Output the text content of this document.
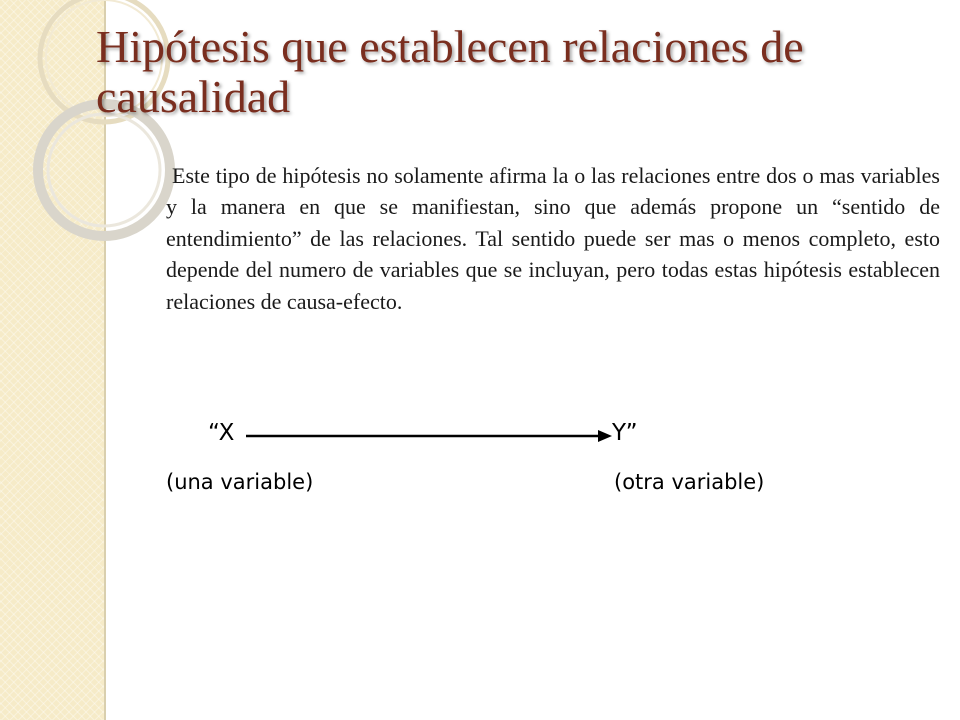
Hipótesis que establecen relaciones de causalidad

Este tipo de hipótesis no solamente afirma la o las relaciones entre dos o mas variables y la manera en que se manifiestan, sino que además propone un “sentido de entendimiento” de las relaciones. Tal sentido puede ser mas o menos completo, esto depende del numero de variables que se incluyan, pero todas estas hipótesis establecen relaciones de causa-efecto.

“X	Y”
(una variable)	(otra variable)
